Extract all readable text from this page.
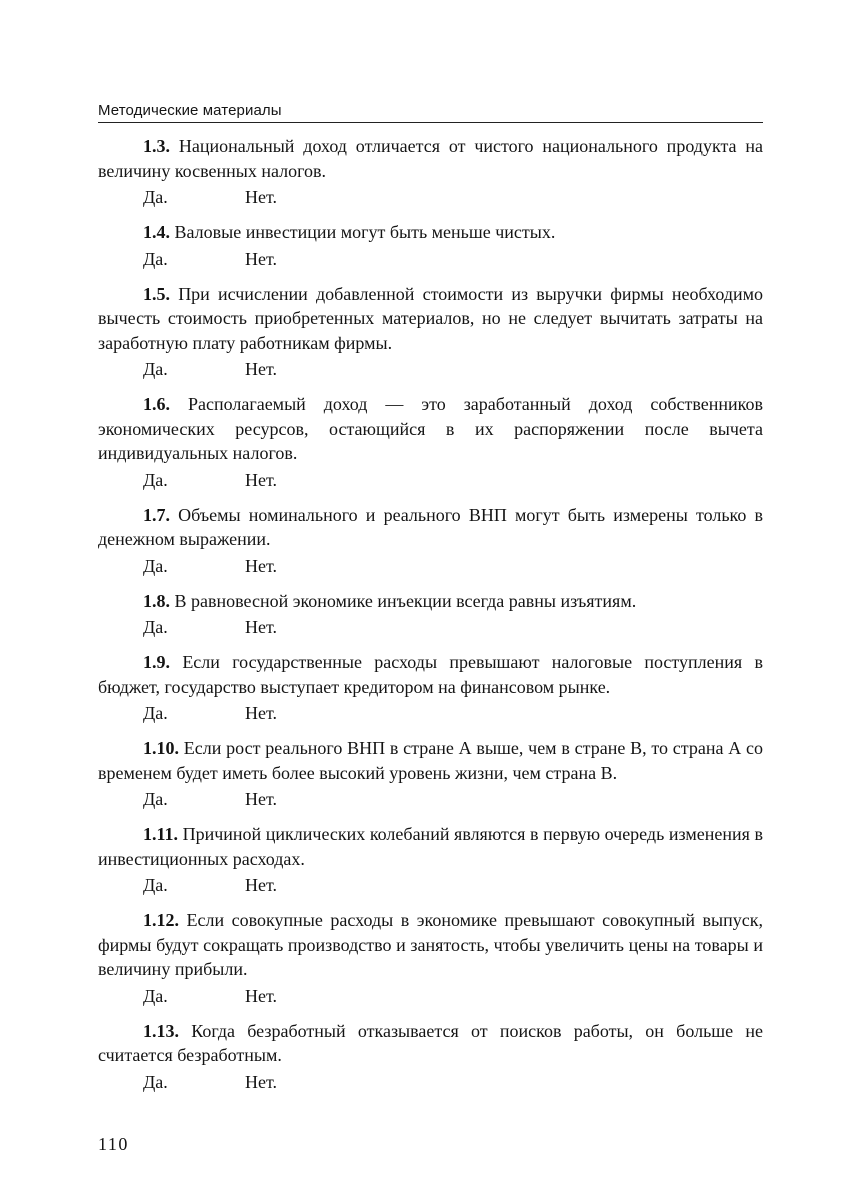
Методические материалы

1.3. Национальный доход отличается от чистого национального продукта на величину косвенных налогов.

Да.	Нет.

1.4. Валовые инвестиции могут быть меньше чистых.

Да.	Нет.

1.5. При исчислении добавленной стоимости из выручки фирмы необходимо вычесть стоимость приобретенных материалов, но не следует вычитать затраты на заработную плату работникам фирмы.

Да.	Нет.

1.6. Располагаемый доход — это заработанный доход собственников экономических ресурсов, остающийся в их распоряжении после вычета индивидуальных налогов.

Да.	Нет.

1.7. Объемы номинального и реального ВНП могут быть измерены только в денежном выражении.

Да.	Нет.

1.8. В равновесной экономике инъекции всегда равны изъятиям.

Да.	Нет.

1.9. Если государственные расходы превышают налоговые поступления в бюджет, государство выступает кредитором на финансовом рынке.

Да.	Нет.

1.10. Если рост реального ВНП в стране А выше, чем в стране В, то страна А со временем будет иметь более высокий уровень жизни, чем страна В.

Да.	Нет.

1.11. Причиной циклических колебаний являются в первую очередь изменения в инвестиционных расходах.

Да.	Нет.

1.12. Если совокупные расходы в экономике превышают совокупный выпуск, фирмы будут сокращать производство и занятость, чтобы увеличить цены на товары и величину прибыли.

Да.	Нет.

1.13. Когда безработный отказывается от поисков работы, он больше не считается безработным.

Да.	Нет.
110
